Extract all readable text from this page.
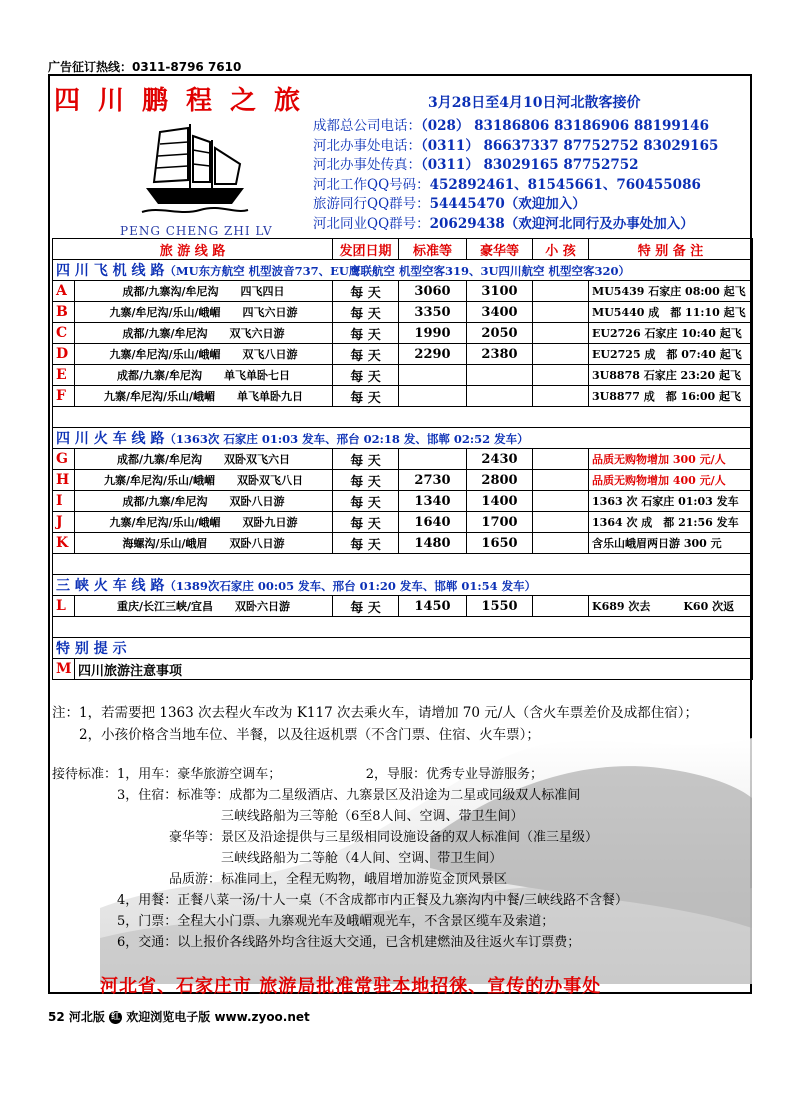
广告征订热线：0311-8796 7610
四川鹏程之旅	3月28日至4月10日河北散客接价
PENG CHENG ZHI LV
成都总公司电话：（028） 83186806 83186906 88199146
河北办事处电话：（0311） 86637337 87752752 83029165
河北办事处传真：（0311） 83029165 87752752
河北工作QQ号码：452892461、81545661、760455086
旅游同行QQ群号：54445470（欢迎加入）
河北同业QQ群号：20629438（欢迎河北同行及办事处加入）
旅 游 线 路		发团日期	标准等	豪华等	小 孩	特 别 备 注
四 川 飞 机 线 路（MU东方航空 机型波音737、EU鹰联航空 机型空客319、3U四川航空 机型空客320）						
A	成都/九寨沟/牟尼沟　　 四飞四日	每 天	3060	3100		MU5439 石家庄 08:00 起飞
B	九寨/牟尼沟/乐山/峨嵋　　 四飞六日游	每 天	3350	3400		MU5440 成　都 11:10 起飞
C	成都/九寨/牟尼沟　　 双飞六日游	每 天	1990	2050		EU2726 石家庄 10:40 起飞
D	九寨/牟尼沟/乐山/峨嵋　　 双飞八日游	每 天	2290	2380		EU2725 成　都 07:40 起飞
E	成都/九寨/牟尼沟　　 单飞单卧七日	每 天				3U8878 石家庄 23:20 起飞
F	九寨/牟尼沟/乐山/峨嵋　　 单飞单卧九日	每 天				3U8877 成　都 16:00 起飞

四 川 火 车 线 路（1363次 石家庄 01:03 发车、邢台 02:18 发、邯郸 02:52 发车）						
G	成都/九寨/牟尼沟　　 双卧双飞六日	每 天		2430		品质无购物增加 300 元/人
H	九寨/牟尼沟/乐山/峨嵋　　 双卧双飞八日	每 天	2730	2800		品质无购物增加 400 元/人
I	成都/九寨/牟尼沟　　 双卧八日游	每 天	1340	1400		1363 次 石家庄 01:03 发车
J	九寨/牟尼沟/乐山/峨嵋　　 双卧九日游	每 天	1640	1700		1364 次 成　都 21:56 发车
K	海螺沟/乐山/峨眉　　 双卧八日游	每 天	1480	1650		含乐山峨眉两日游 300 元

三 峡 火 车 线 路（1389次石家庄 00:05 发车、邢台 01:20 发车、邯郸 01:54 发车）						
L	重庆/长江三峡/宜昌　　 双卧六日游	每 天	1450	1550		K689 次去　　　K60 次返

特 别 提 示						
M	四川旅游注意事项					
注：1，若需要把 1363 次去程火车改为 K117 次去乘火车，请增加 70 元/人（含火车票差价及成都住宿）；
　　2，小孩价格含当地车位、半餐，以及往返机票（不含门票、住宿、火车票）；
接待标准：1，用车：豪华旅游空调车；　　　　　　　2，导服：优秀专业导游服务；
　　　　　3，住宿：标准等：成都为二星级酒店、九寨景区及沿途为二星或同级双人标准间
　　　　　　　　　　　　　三峡线路船为三等舱（6至8人间、空调、带卫生间）
　　　　　　　　　豪华等：景区及沿途提供与三星级相同设施设备的双人标准间（准三星级）
　　　　　　　　　　　　　三峡线路船为二等舱（4人间、空调、带卫生间）
　　　　　　　　　品质游：标准同上，全程无购物，峨眉增加游览金顶风景区
　　　　　4，用餐：正餐八菜一汤/十人一桌（不含成都市内正餐及九寨沟内中餐/三峡线路不含餐）
　　　　　5，门票：全程大小门票、九寨观光车及峨嵋观光车，不含景区缆车及索道；
　　　　　6，交通：以上报价各线路外均含往返大交通，已含机建燃油及往返火车订票费；
河北省、石家庄市 旅游局批准常驻本地招徕、宣传的办事处
52 河北版 红 欢迎浏览电子版 www.zyoo.net
